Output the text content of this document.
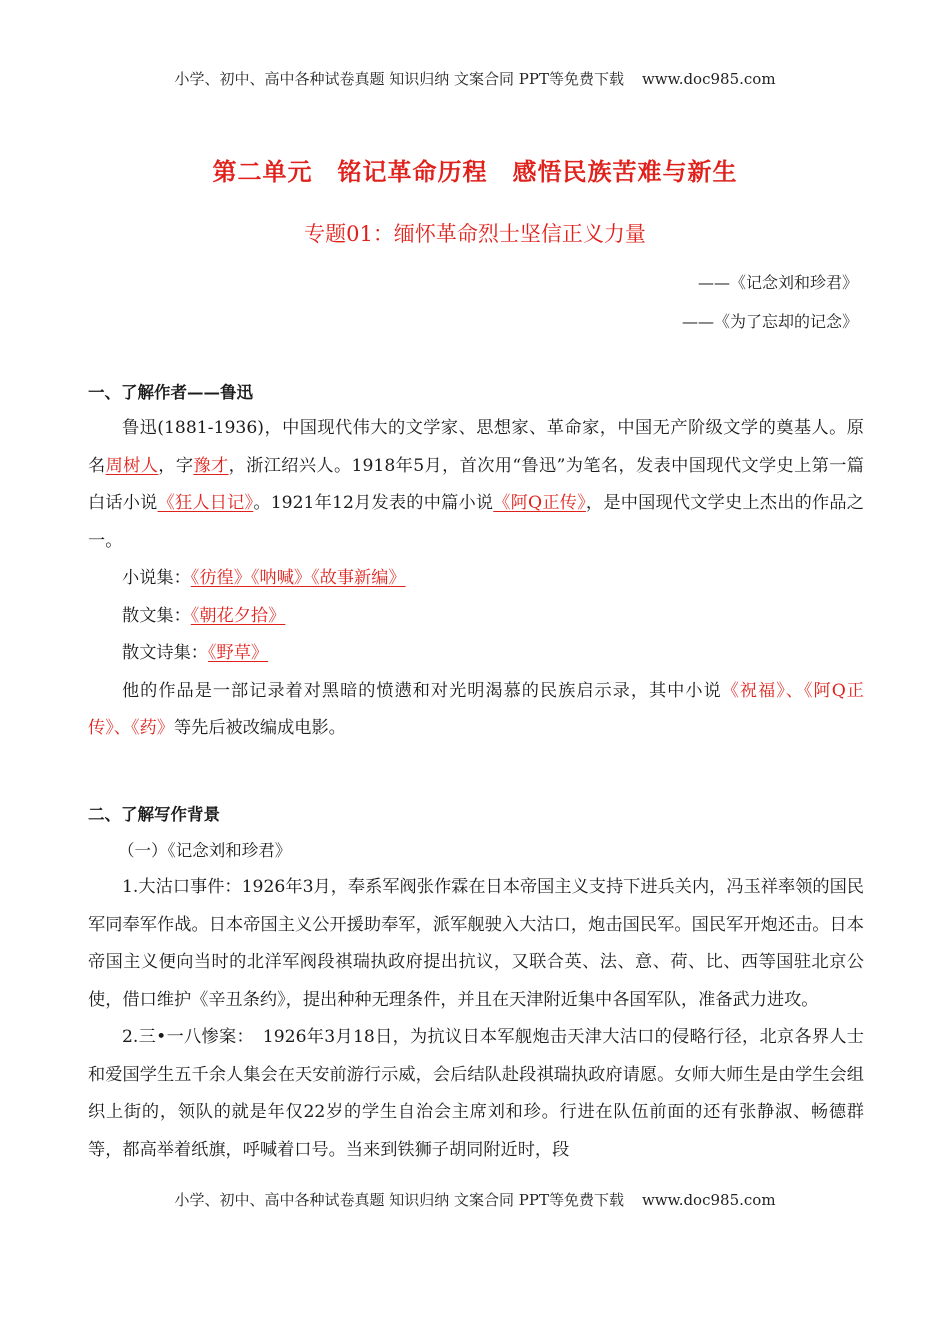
小学、初中、高中各种试卷真题 知识归纳 文案合同 PPT等免费下载 www.doc985.com
第二单元　铭记革命历程　感悟民族苦难与新生
专题01：缅怀革命烈士坚信正义力量
——《记念刘和珍君》
——《为了忘却的记念》
一、了解作者——鲁迅

鲁迅(1881-1936)，中国现代伟大的文学家、思想家、革命家，中国无产阶级文学的奠基人。原名周树人，字豫才，浙江绍兴人。1918年5月，首次用“鲁迅”为笔名，发表中国现代文学史上第一篇白话小说《狂人日记》。1921年12月发表的中篇小说《阿Q正传》，是中国现代文学史上杰出的作品之一。

小说集：《彷徨》《呐喊》《故事新编》
散文集：《朝花夕拾》
散文诗集：《野草》

他的作品是一部记录着对黑暗的愤懑和对光明渴慕的民族启示录，其中小说《祝福》、《阿Q正传》、《药》等先后被改编成电影。

二、了解写作背景
（一）《记念刘和珍君》

1.大沽口事件：1926年3月，奉系军阀张作霖在日本帝国主义支持下进兵关内，冯玉祥率领的国民军同奉军作战。日本帝国主义公开援助奉军，派军舰驶入大沽口，炮击国民军。国民军开炮还击。日本帝国主义便向当时的北洋军阀段祺瑞执政府提出抗议，又联合英、法、意、荷、比、西等国驻北京公使，借口维护《辛丑条约》，提出种种无理条件，并且在天津附近集中各国军队，准备武力进攻。

2.三•一八惨案：　1926年3月18日，为抗议日本军舰炮击天津大沽口的侵略行径，北京各界人士和爱国学生五千余人集会在天安前游行示威，会后结队赴段祺瑞执政府请愿。女师大师生是由学生会组织上街的，领队的就是年仅22岁的学生自治会主席刘和珍。行进在队伍前面的还有张静淑、畅德群等，都高举着纸旗，呼喊着口号。当来到铁狮子胡同附近时，段

小学、初中、高中各种试卷真题 知识归纳 文案合同 PPT等免费下载 www.doc985.com
